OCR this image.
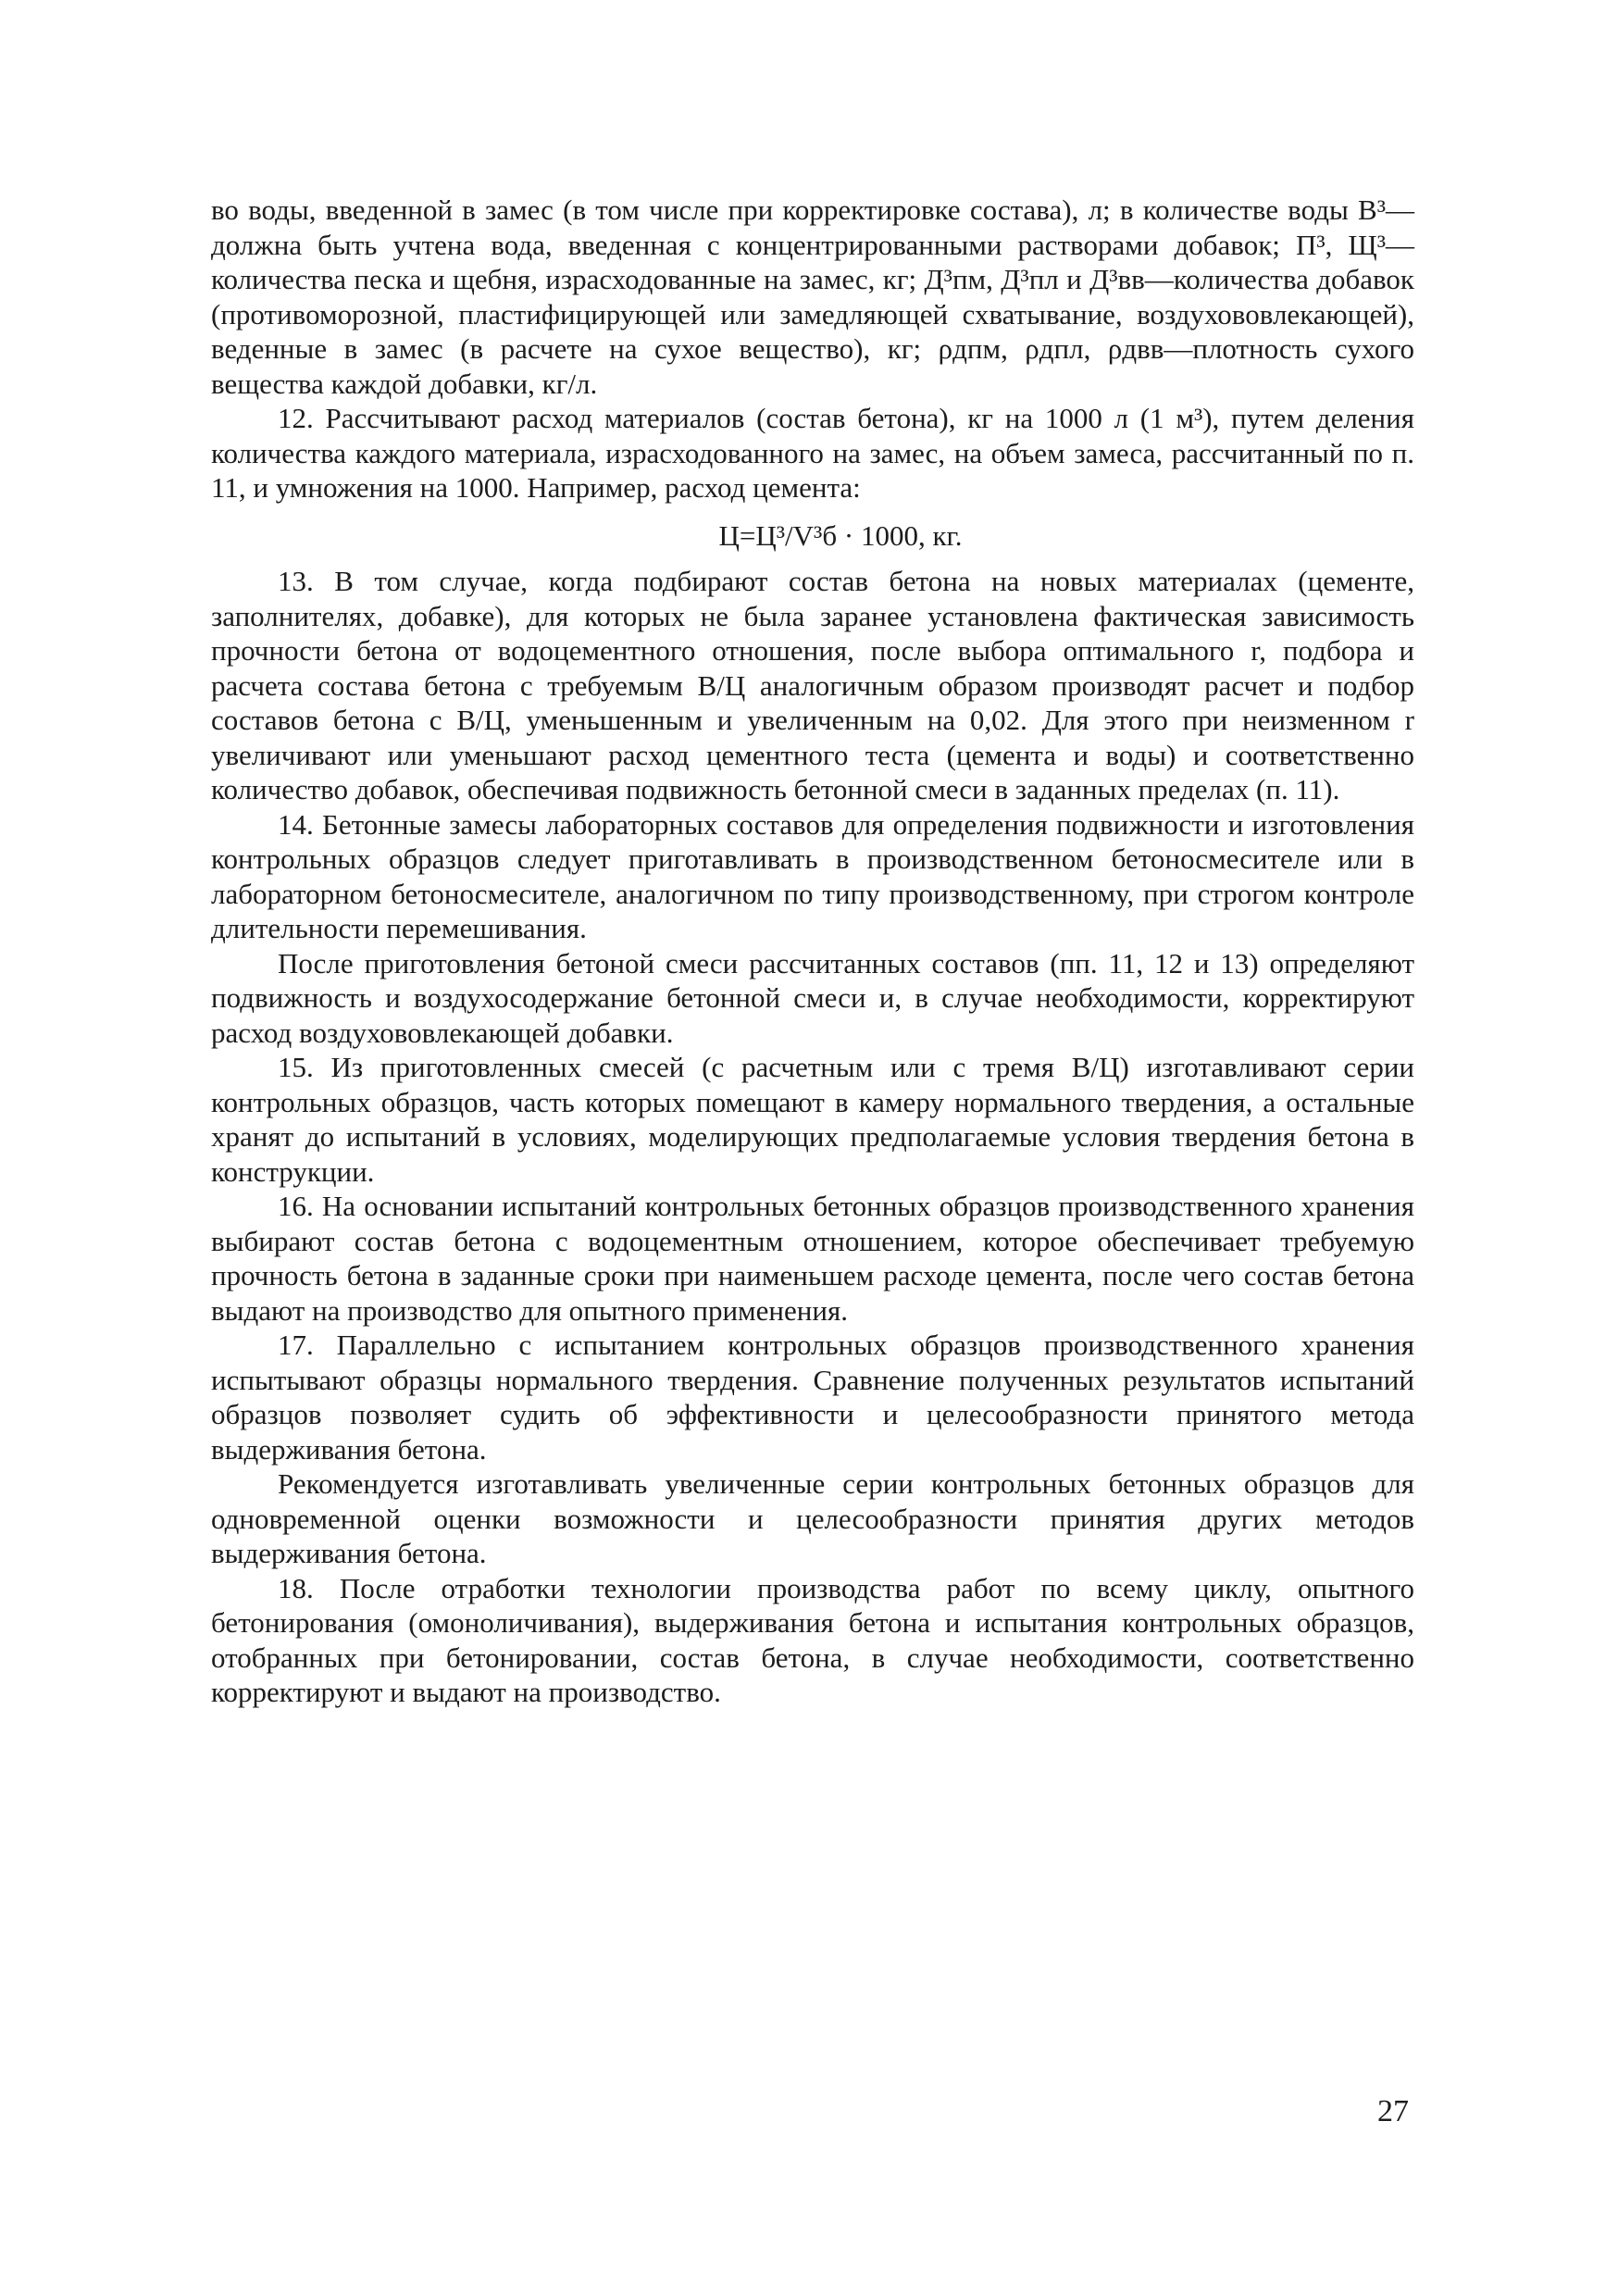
во воды, введенной в замес (в том числе при корректировке состава), л; в количестве воды В³—должна быть учтена вода, введенная с концентрированными растворами добавок; П³, Щ³—количества песка и щебня, израсходованные на замес, кг; Д³пм, Д³пл и Д³вв—количества добавок (противоморозной, пластифицирующей или замедляющей схватывание, воздухововлекающей), веденные в замес (в расчете на сухое вещество), кг; ρдпм, ρдпл, ρдвв—плотность сухого вещества каждой добавки, кг/л.

12. Рассчитывают расход материалов (состав бетона), кг на 1000 л (1 м³), путем деления количества каждого материала, израсходованного на замес, на объем замеса, рассчитанный по п. 11, и умножения на 1000. Например, расход цемента:

Ц=Ц³/V³б · 1000, кг.

13. В том случае, когда подбирают состав бетона на новых материалах (цементе, заполнителях, добавке), для которых не была заранее установлена фактическая зависимость прочности бетона от водоцементного отношения, после выбора оптимального r, подбора и расчета состава бетона с требуемым В/Ц аналогичным образом производят расчет и подбор составов бетона с В/Ц, уменьшенным и увеличенным на 0,02. Для этого при неизменном r увеличивают или уменьшают расход цементного теста (цемента и воды) и соответственно количество добавок, обеспечивая подвижность бетонной смеси в заданных пределах (п. 11).

14. Бетонные замесы лабораторных составов для определения подвижности и изготовления контрольных образцов следует приготавливать в производственном бетоносмесителе или в лабораторном бетоносмесителе, аналогичном по типу производственному, при строгом контроле длительности перемешивания.

После приготовления бетоной смеси рассчитанных составов (пп. 11, 12 и 13) определяют подвижность и воздухосодержание бетонной смеси и, в случае необходимости, корректируют расход воздухововлекающей добавки.

15. Из приготовленных смесей (с расчетным или с тремя В/Ц) изготавливают серии контрольных образцов, часть которых помещают в камеру нормального твердения, а остальные хранят до испытаний в условиях, моделирующих предполагаемые условия твердения бетона в конструкции.

16. На основании испытаний контрольных бетонных образцов производственного хранения выбирают состав бетона с водоцементным отношением, которое обеспечивает требуемую прочность бетона в заданные сроки при наименьшем расходе цемента, после чего состав бетона выдают на производство для опытного применения.

17. Параллельно с испытанием контрольных образцов производственного хранения испытывают образцы нормального твердения. Сравнение полученных результатов испытаний образцов позволяет судить об эффективности и целесообразности принятого метода выдерживания бетона.

Рекомендуется изготавливать увеличенные серии контрольных бетонных образцов для одновременной оценки возможности и целесообразности принятия других методов выдерживания бетона.

18. После отработки технологии производства работ по всему циклу, опытного бетонирования (омоноличивания), выдерживания бетона и испытания контрольных образцов, отобранных при бетонировании, состав бетона, в случае необходимости, соответственно корректируют и выдают на производство.

27
